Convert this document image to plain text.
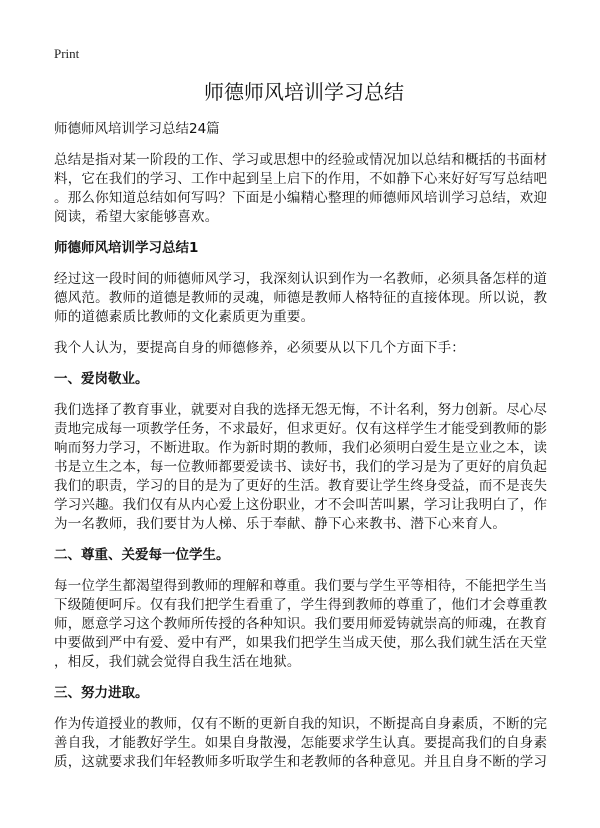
Print
师德师风培训学习总结
师德师风培训学习总结24篇
总结是指对某一阶段的工作、学习或思想中的经验或情况加以总结和概括的书面材
料，它在我们的学习、工作中起到呈上启下的作用，不如静下心来好好写写总结吧
。那么你知道总结如何写吗？下面是小编精心整理的师德师风培训学习总结，欢迎
阅读，希望大家能够喜欢。
师德师风培训学习总结1
经过这一段时间的师德师风学习，我深刻认识到作为一名教师，必须具备怎样的道
德风范。教师的道德是教师的灵魂，师德是教师人格特征的直接体现。所以说，教
师的道德素质比教师的文化素质更为重要。
我个人认为，要提高自身的师德修养，必须要从以下几个方面下手：
一、爱岗敬业。
我们选择了教育事业，就要对自我的选择无怨无悔，不计名利，努力创新。尽心尽
责地完成每一项教学任务，不求最好，但求更好。仅有这样学生才能受到教师的影
响而努力学习，不断进取。作为新时期的教师，我们必须明白爱生是立业之本，读
书是立生之本，每一位教师都要爱读书、读好书，我们的学习是为了更好的肩负起
我们的职责，学习的目的是为了更好的生活。教育要让学生终身受益，而不是丧失
学习兴趣。我们仅有从内心爱上这份职业，才不会叫苦叫累，学习让我明白了，作
为一名教师，我们要甘为人梯、乐于奉献、静下心来教书、潜下心来育人。
二、尊重、关爱每一位学生。
每一位学生都渴望得到教师的理解和尊重。我们要与学生平等相待，不能把学生当
下级随便呵斥。仅有我们把学生看重了，学生得到教师的尊重了，他们才会尊重教
师，愿意学习这个教师所传授的各种知识。我们要用师爱铸就崇高的师魂，在教育
中要做到严中有爱、爱中有严，如果我们把学生当成天使，那么我们就生活在天堂
，相反，我们就会觉得自我生活在地狱。
三、努力进取。
作为传道授业的教师，仅有不断的更新自我的知识，不断提高自身素质，不断的完
善自我，才能教好学生。如果自身散漫，怎能要求学生认真。要提高我们的自身素
质，这就要求我们年轻教师多听取学生和老教师的各种意见。并且自身不断的学习
